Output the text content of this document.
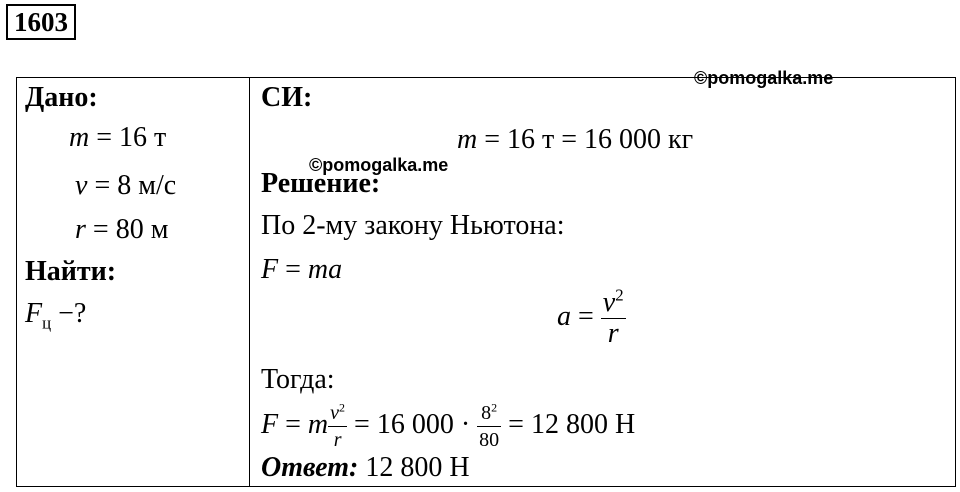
1603
©pomogalka.me
©pomogalka.me
Дано:
m = 16 т
v = 8 м/с
r = 80 м
Найти:
$F_ц$ −?
СИ:
m = 16 т = 16 000 кг
Решение:
По 2-му закону Ньютона:
F = ma
$a = \frac{v^2}{r}$
Тогда:
F = m $\frac{v^2}{r} = 16$ $000 \cdot \frac{8^2}{80} = 12$ 800 Н
Ответ: 12 800 Н
